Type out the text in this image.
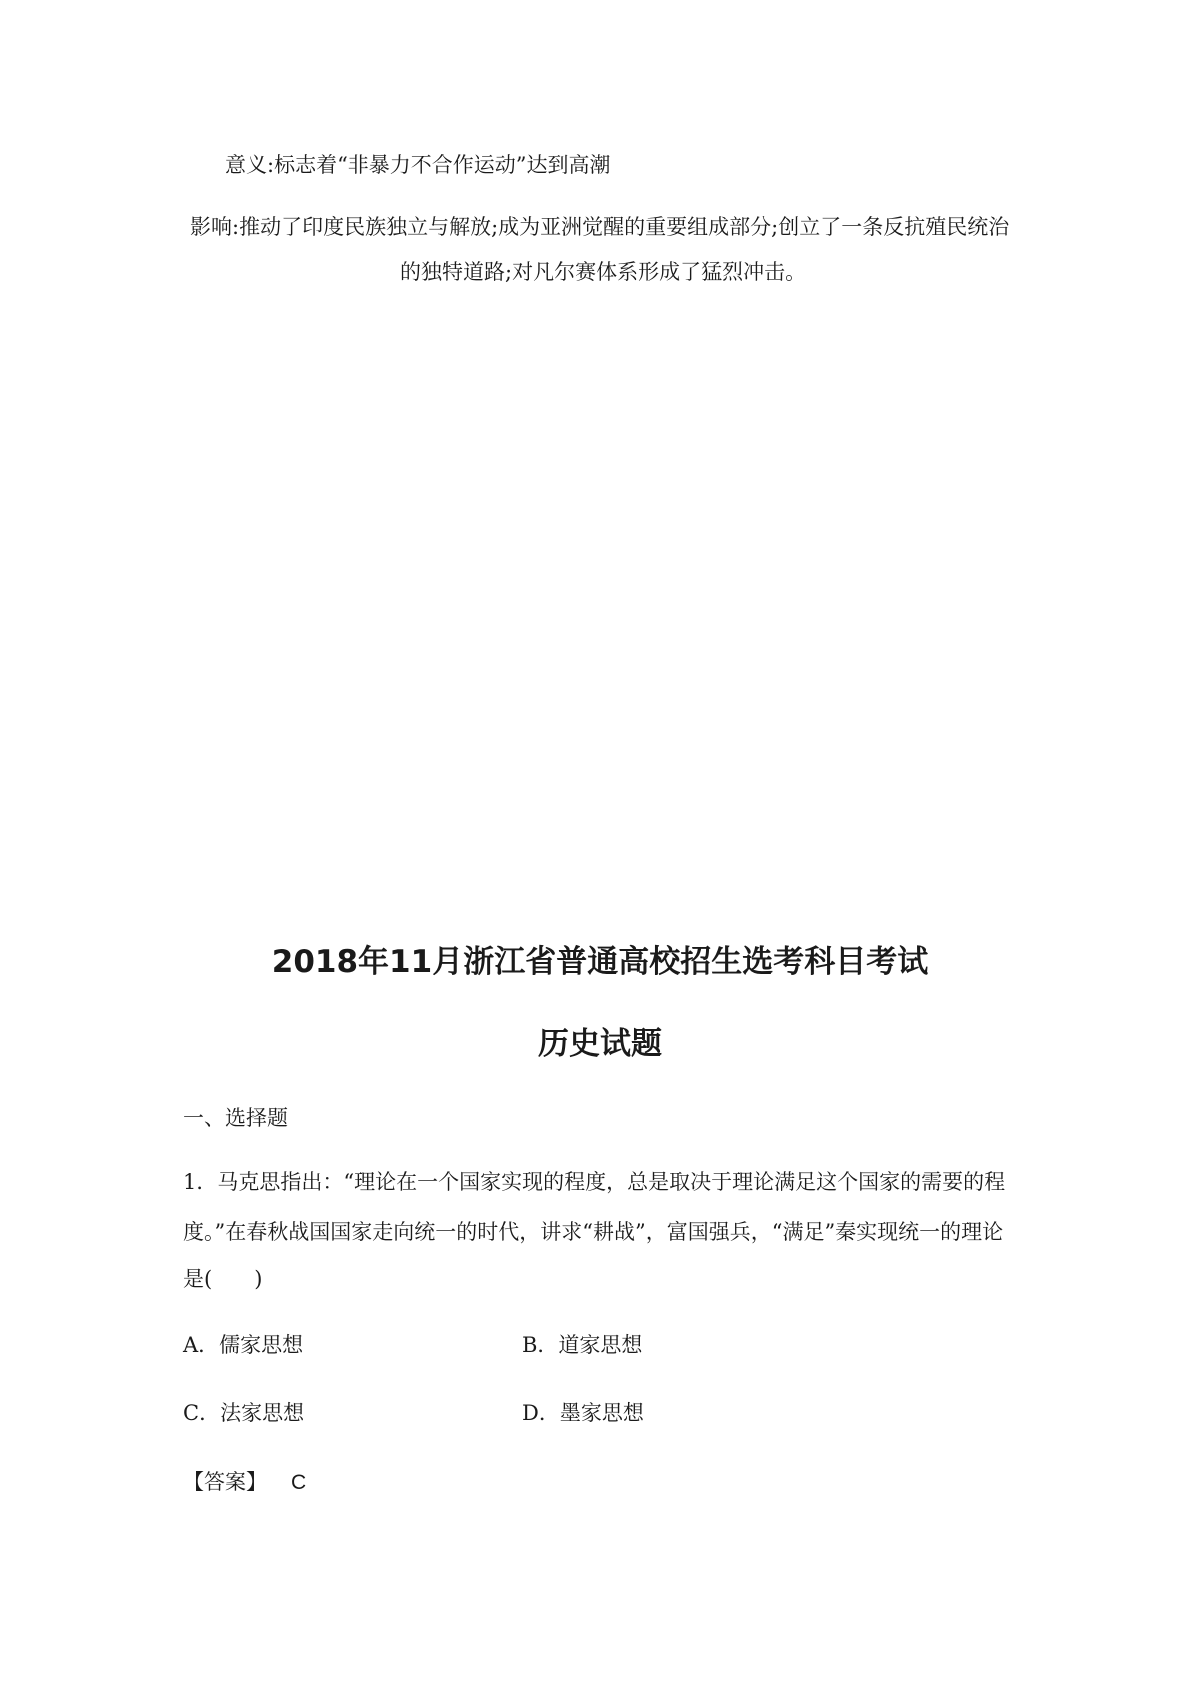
意义:标志着“非暴力不合作运动”达到高潮
影响:推动了印度民族独立与解放;成为亚洲觉醒的重要组成部分;创立了一条反抗殖民统治
的独特道路;对凡尔赛体系形成了猛烈冲击。
2018年11月浙江省普通高校招生选考科目考试
历史试题
一、选择题
1．马克思指出：“理论在一个国家实现的程度，总是取决于理论满足这个国家的需要的程
度。”在春秋战国国家走向统一的时代，讲求“耕战”，富国强兵，“满足”秦实现统一的理论
是(　　)
A．儒家思想	B．道家思想
C．法家思想	D．墨家思想
【答案】 C
